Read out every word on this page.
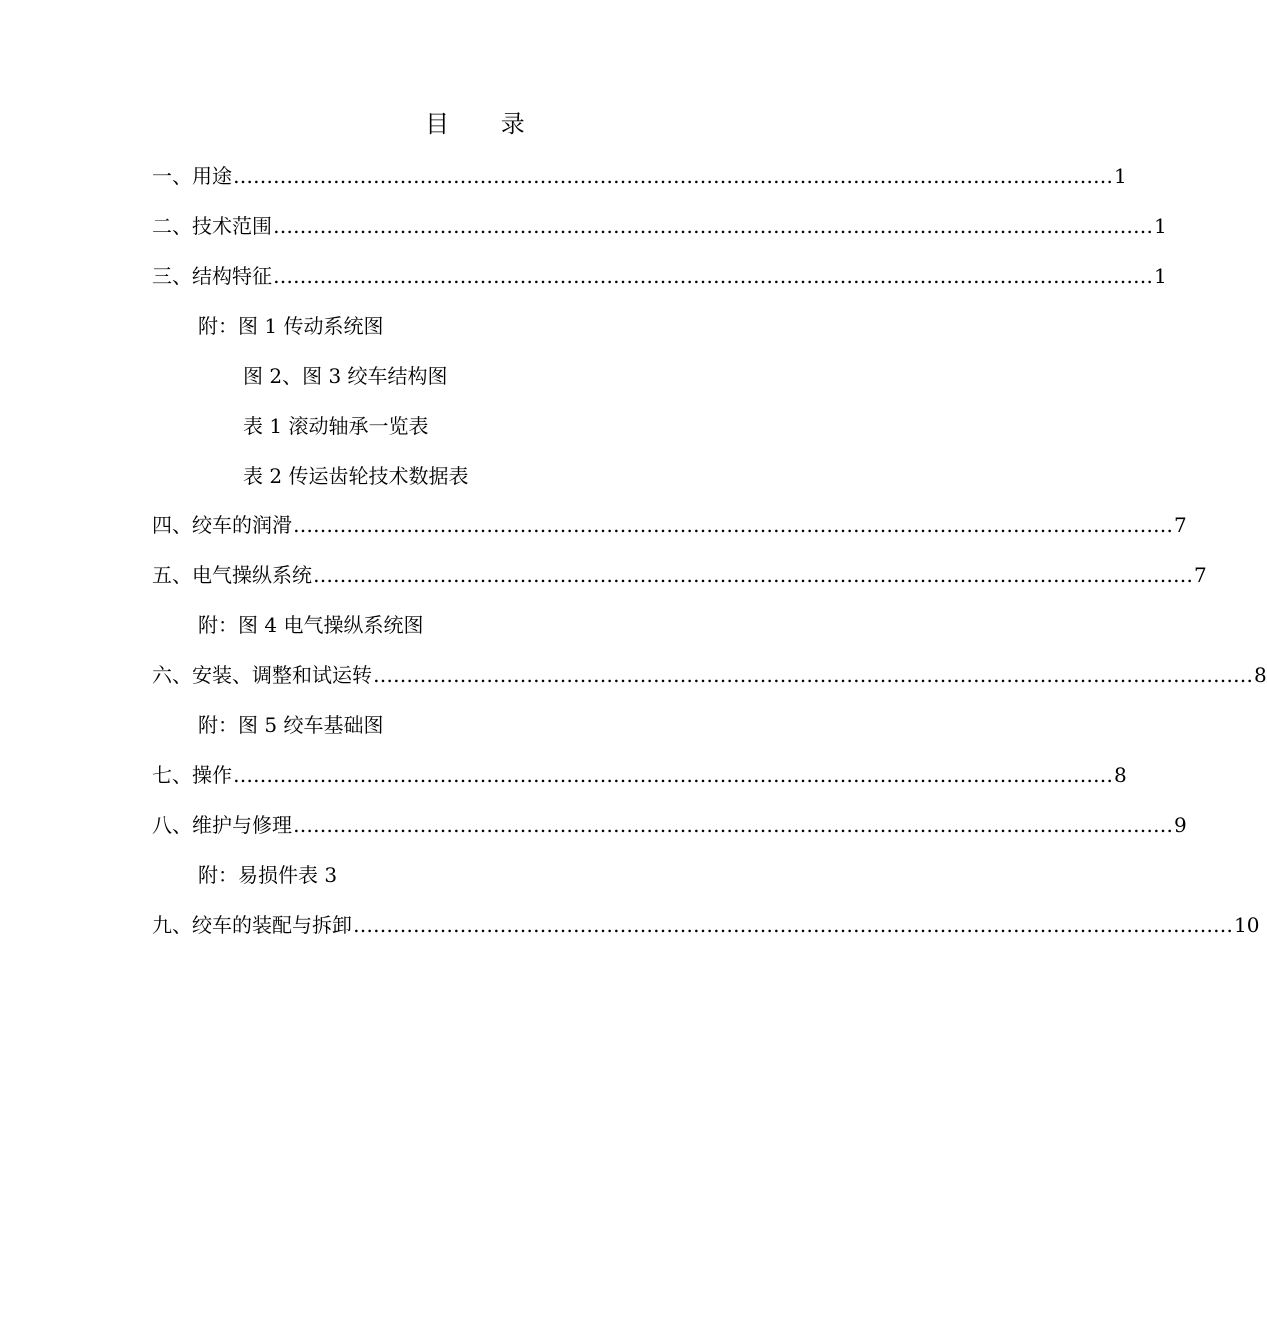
目 录
一、用途 …………………………………………………………………………………………………………………… 1
二、技术范围 …………………………………………………………………………………………………………………… 1
三、结构特征 …………………………………………………………………………………………………………………… 1
附：图 1 传动系统图
图 2、图 3 绞车结构图
表 1 滚动轴承一览表
表 2 传运齿轮技术数据表
四、绞车的润滑 …………………………………………………………………………………………………………………… 7
五、电气操纵系统 …………………………………………………………………………………………………………………… 7
附：图 4 电气操纵系统图
六、安装、调整和试运转 …………………………………………………………………………………………………………………… 8
附：图 5 绞车基础图
七、操作 …………………………………………………………………………………………………………………… 8
八、维护与修理 …………………………………………………………………………………………………………………… 9
附：易损件表 3
九、绞车的装配与拆卸 …………………………………………………………………………………………………………………… 10
